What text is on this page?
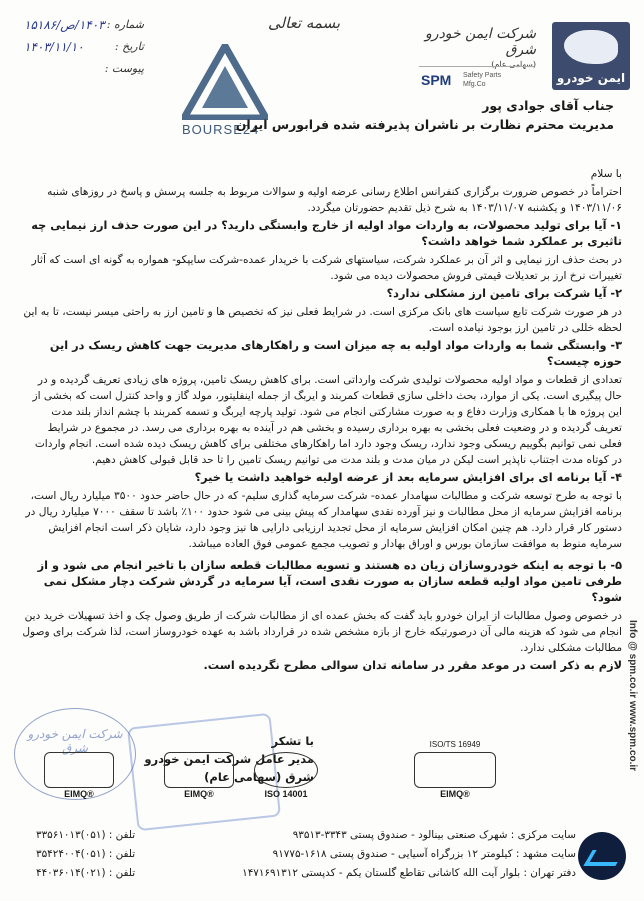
ایمن خودرو
شرکت ایمن خودرو شرق
(سهامی عام)
SPM Safety Parts
Mfg.Co
بسمه تعالی
شماره :
۱۴۰۳/ص/۱۵۱۸۶
تاریخ :
۱۴۰۳/۱۱/۱۰
پیوست :
BOURSE24
جناب آقای جوادی پور
مدیریت محترم نظارت بر ناشران پذیرفته شده فرابورس ایران

با سلام

احتراماً در خصوص ضرورت برگزاری کنفرانس اطلاع رسانی عرضه اولیه و سوالات مربوط به جلسه پرسش و پاسخ در روزهای شنبه ۱۴۰۳/۱۱/۰۶ و یکشنبه ۱۴۰۳/۱۱/۰۷ به شرح ذیل تقدیم حضورتان میگردد.

۱- آیا برای تولید محصولات، به واردات مواد اولیه از خارج وابستگی دارید؟ در این صورت حذف ارز نیمایی چه تاثیری بر عملکرد شما خواهد داشت؟

در بحث حذف ارز نیمایی و اثر آن بر عملکرد شرکت، سیاستهای شرکت با خریدار عمده-شرکت سایپکو- همواره به گونه ای است که آثار تغییرات نرخ ارز بر تعدیلات قیمتی فروش محصولات دیده می شود.

۲- آیا شرکت برای تامین ارز مشکلی ندارد؟

در هر صورت شرکت تابع سیاست های بانک مرکزی است. در شرایط فعلی نیز که تخصیص ها و تامین ارز به راحتی میسر نیست، تا به این لحظه خللی در تامین ارز بوجود نیامده است.

۳- وابستگی شما به واردات مواد اولیه به چه میزان است و راهکارهای مدیریت جهت کاهش ریسک در این حوزه چیست؟

تعدادی از قطعات و مواد اولیه محصولات تولیدی شرکت وارداتی است. برای کاهش ریسک تامین، پروژه های زیادی تعریف گردیده و در حال پیگیری است. یکی از موارد، بحث داخلی سازی قطعات کمربند و ایربگ از جمله اینفلیتور، مولد گاز و واحد کنترل است که بخشی از این پروژه ها با همکاری وزارت دفاع و به صورت مشارکتی انجام می شود. تولید پارچه ایربگ و تسمه کمربند با چشم انداز بلند مدت تعریف گردیده و در وضعیت فعلی بخشی به بهره برداری رسیده و بخشی هم در آینده به بهره برداری می رسد. در مجموع در شرایط فعلی نمی توانیم بگوییم ریسکی وجود ندارد، ریسک وجود دارد اما راهکارهای مختلفی برای کاهش ریسک دیده شده است. انجام واردات در کوتاه مدت اجتناب ناپذیر است لیکن در میان مدت و بلند مدت می توانیم ریسک تامین را تا حد قابل قبولی کاهش دهیم.

۴- آیا برنامه ای برای افزایش سرمایه بعد از عرضه اولیه خواهید داشت یا خیر؟

با توجه به طرح توسعه شرکت و مطالبات سهامدار عمده- شرکت سرمایه گذاری سلیم- که در حال حاضر حدود ۳۵۰۰ میلیارد ریال است، برنامه افزایش سرمایه از محل مطالبات و نیز آورده نقدی سهامدار که پیش بینی می شود حدود ۱۰۰٪ باشد تا سقف ۷۰۰۰ میلیارد ریال در دستور کار قرار دارد. هم چنین امکان افزایش سرمایه از محل تجدید ارزیابی دارایی ها نیز وجود دارد، شایان ذکر است انجام افزایش سرمایه منوط به موافقت سازمان بورس و اوراق بهادار و تصویب مجمع عمومی فوق العاده میباشد.

۵- با توجه به اینکه خودروسازان زیان ده هستند و تسویه مطالبات قطعه سازان با تاخیر انجام می شود و از طرفی تامین مواد اولیه قطعه سازان به صورت نقدی است، آیا سرمایه در گردش شرکت دچار مشکل نمی شود؟

در خصوص وصول مطالبات از ایران خودرو باید گفت که بخش عمده ای از مطالبات شرکت از طریق وصول چک و اخذ تسهیلات خرید دین انجام می شود که هزینه مالی آن درصورتیکه خارج از بازه مشخص شده در قرارداد باشد به عهده خودروساز است، لذا شرکت برای وصول مطالبات مشکلی ندارد.

لازم به ذکر است در موعد مقرر در سامانه تدان سوالی مطرح نگردیده است.

شرکت ایمن خودرو شرق	با تشکر
مدیر عامل شرکت ایمن خودرو شرق (سهامی عام)
ISO/TS 16949
EIMQ®
ISO 14001
EIMQ®
EIMQ®
سایت مرکزی : شهرک صنعتی بینالود - صندوق پستی ۳۳۴۳-۹۳۵۱۳
تلفن : (۰۵۱)۳۳۵۶۱۰۱۳
سایت مشهد : کیلومتر ۱۲ بزرگراه آسیایی - صندوق پستی ۱۶۱۸-۹۱۷۷۵
تلفن : (۰۵۱)۳۵۴۲۴۰۰۴
دفتر تهران : بلوار آیت الله کاشانی تقاطع گلستان یکم - کدپستی ۱۴۷۱۶۹۱۳۱۲
تلفن : (۰۲۱)۴۴۰۳۶۰۱۴
Info @ spm.co.ir www.spm.co.ir
